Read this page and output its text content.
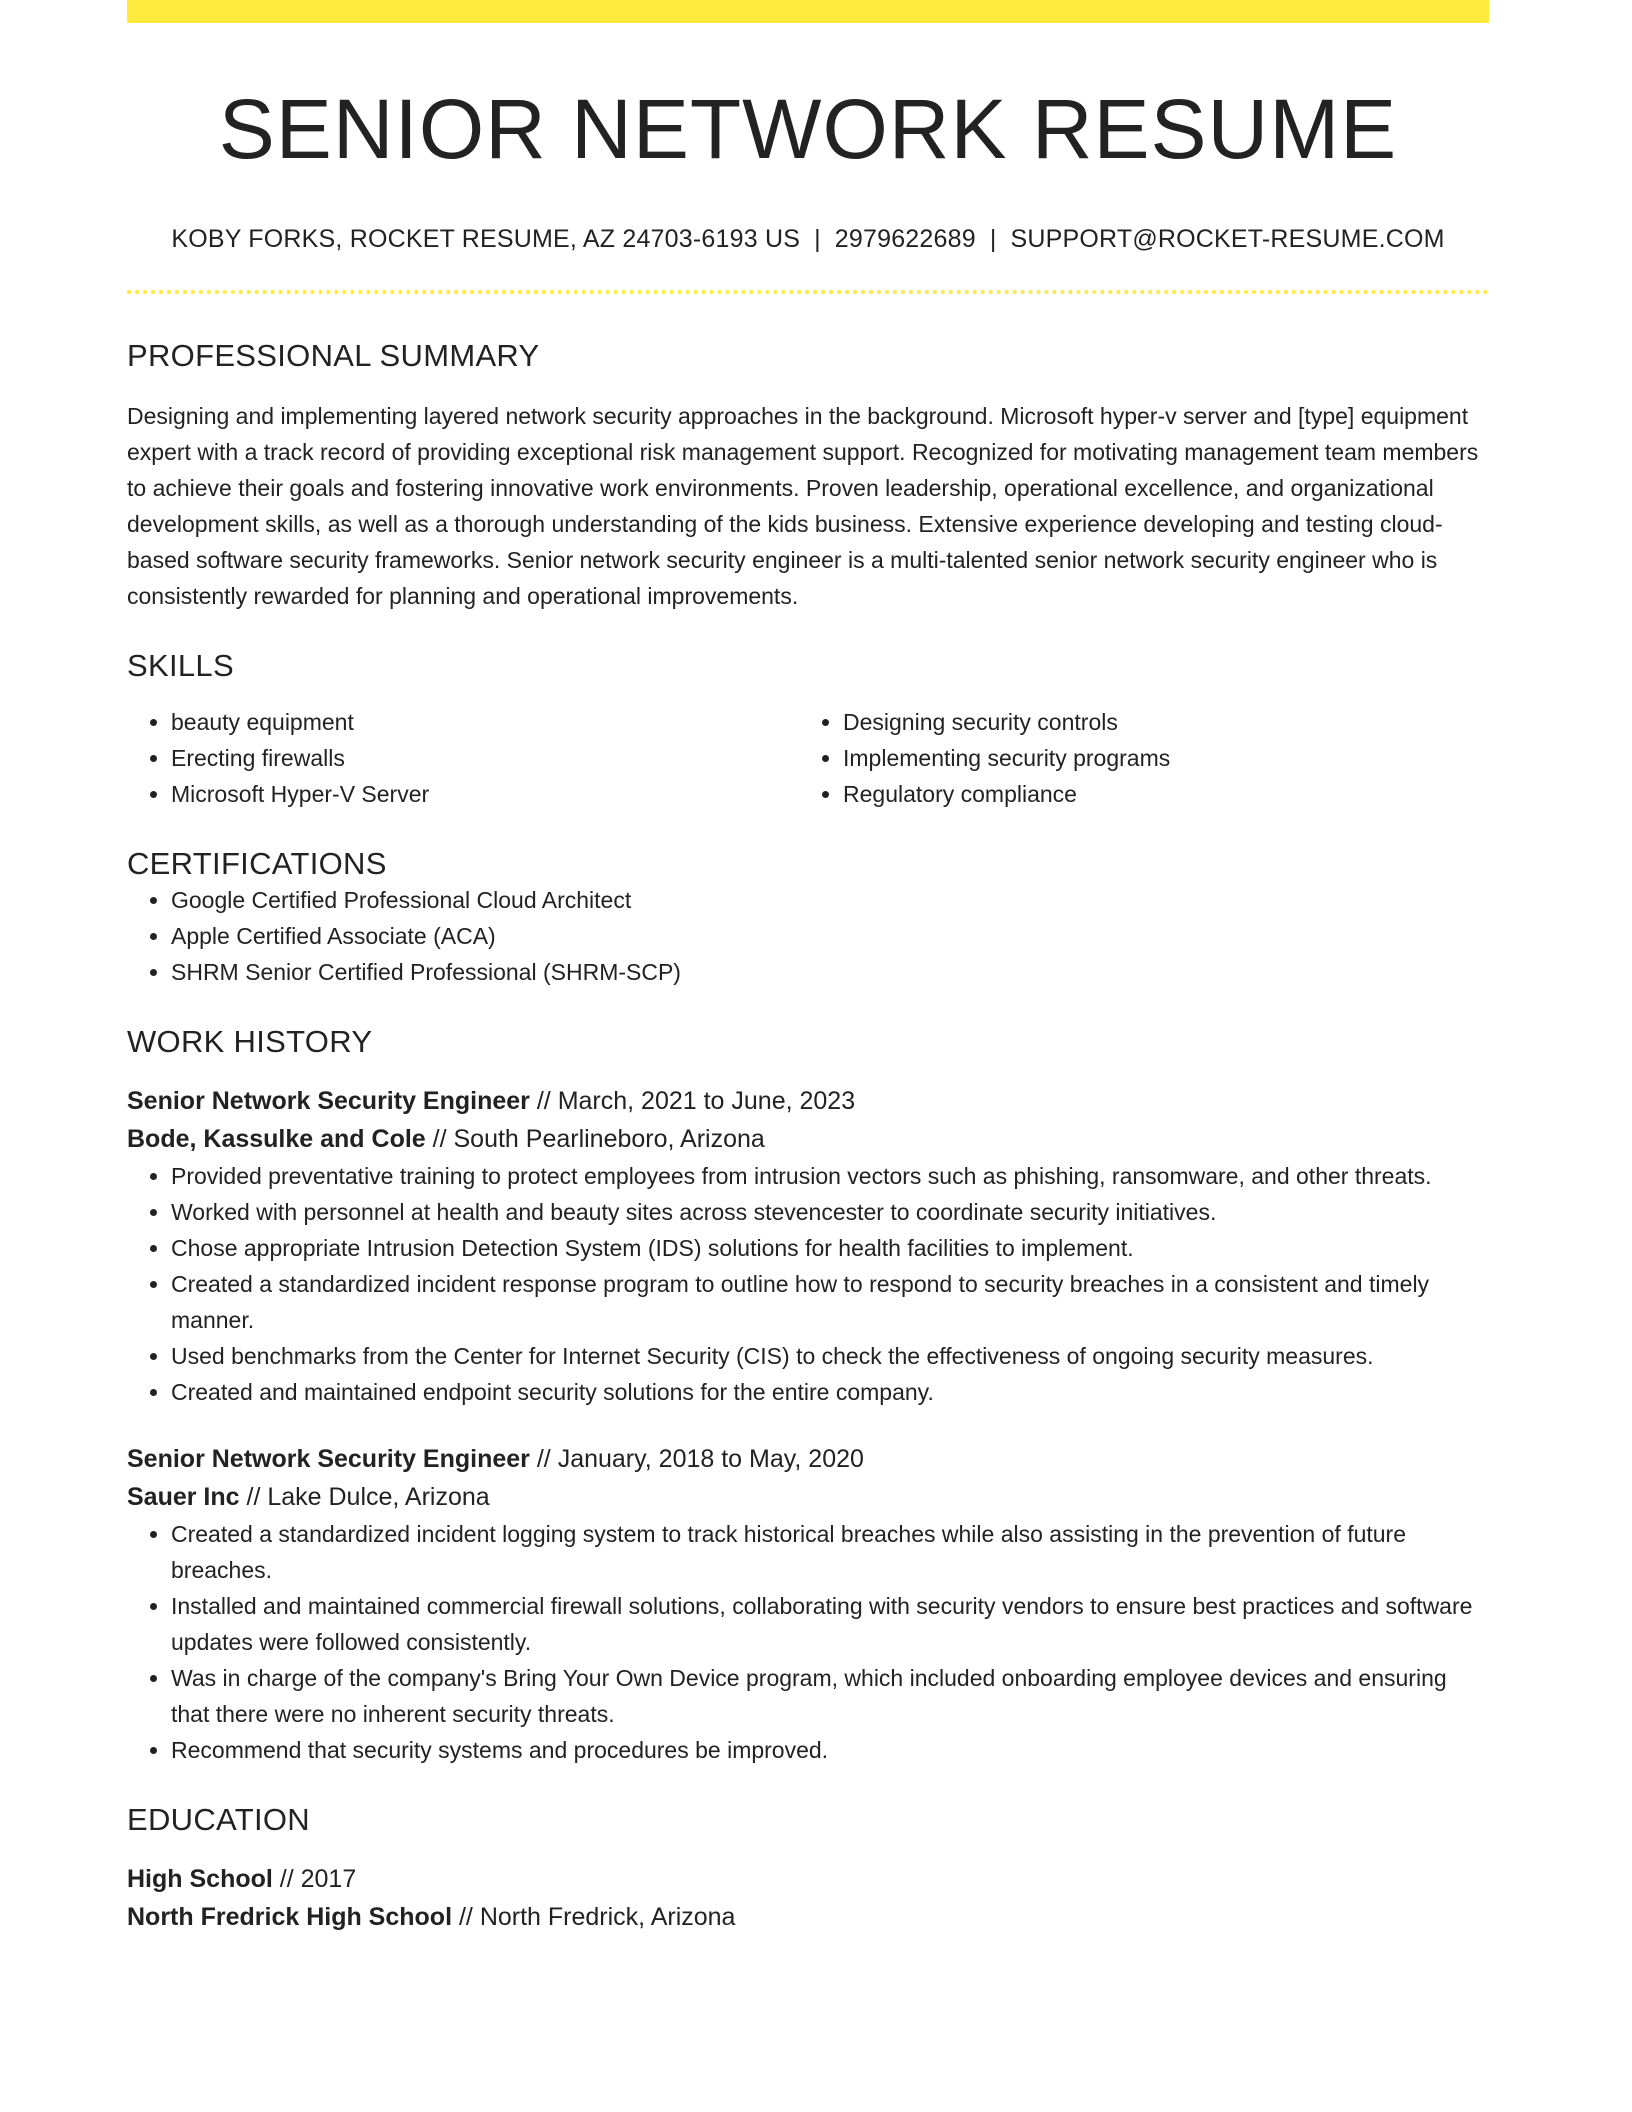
SENIOR NETWORK RESUME
KOBY FORKS, ROCKET RESUME, AZ 24703-6193 US | 2979622689 | SUPPORT@ROCKET-RESUME.COM
PROFESSIONAL SUMMARY

Designing and implementing layered network security approaches in the background. Microsoft hyper-v server and [type] equipment expert with a track record of providing exceptional risk management support. Recognized for motivating management team members to achieve their goals and fostering innovative work environments. Proven leadership, operational excellence, and organizational development skills, as well as a thorough understanding of the kids business. Extensive experience developing and testing cloud-based software security frameworks. Senior network security engineer is a multi-talented senior network security engineer who is consistently rewarded for planning and operational improvements.

SKILLS
• beauty equipment
• Erecting firewalls
• Microsoft Hyper-V Server
• Designing security controls
• Implementing security programs
• Regulatory compliance
CERTIFICATIONS
• Google Certified Professional Cloud Architect
• Apple Certified Associate (ACA)
• SHRM Senior Certified Professional (SHRM-SCP)
WORK HISTORY
Senior Network Security Engineer // March, 2021 to June, 2023
Bode, Kassulke and Cole // South Pearlineboro, Arizona
• Provided preventative training to protect employees from intrusion vectors such as phishing, ransomware, and other threats.
• Worked with personnel at health and beauty sites across stevencester to coordinate security initiatives.
• Chose appropriate Intrusion Detection System (IDS) solutions for health facilities to implement.
• Created a standardized incident response program to outline how to respond to security breaches in a consistent and timely manner.
• Used benchmarks from the Center for Internet Security (CIS) to check the effectiveness of ongoing security measures.
• Created and maintained endpoint security solutions for the entire company.
Senior Network Security Engineer // January, 2018 to May, 2020
Sauer Inc // Lake Dulce, Arizona
• Created a standardized incident logging system to track historical breaches while also assisting in the prevention of future breaches.
• Installed and maintained commercial firewall solutions, collaborating with security vendors to ensure best practices and software updates were followed consistently.
• Was in charge of the company's Bring Your Own Device program, which included onboarding employee devices and ensuring that there were no inherent security threats.
• Recommend that security systems and procedures be improved.
EDUCATION
High School // 2017
North Fredrick High School // North Fredrick, Arizona
